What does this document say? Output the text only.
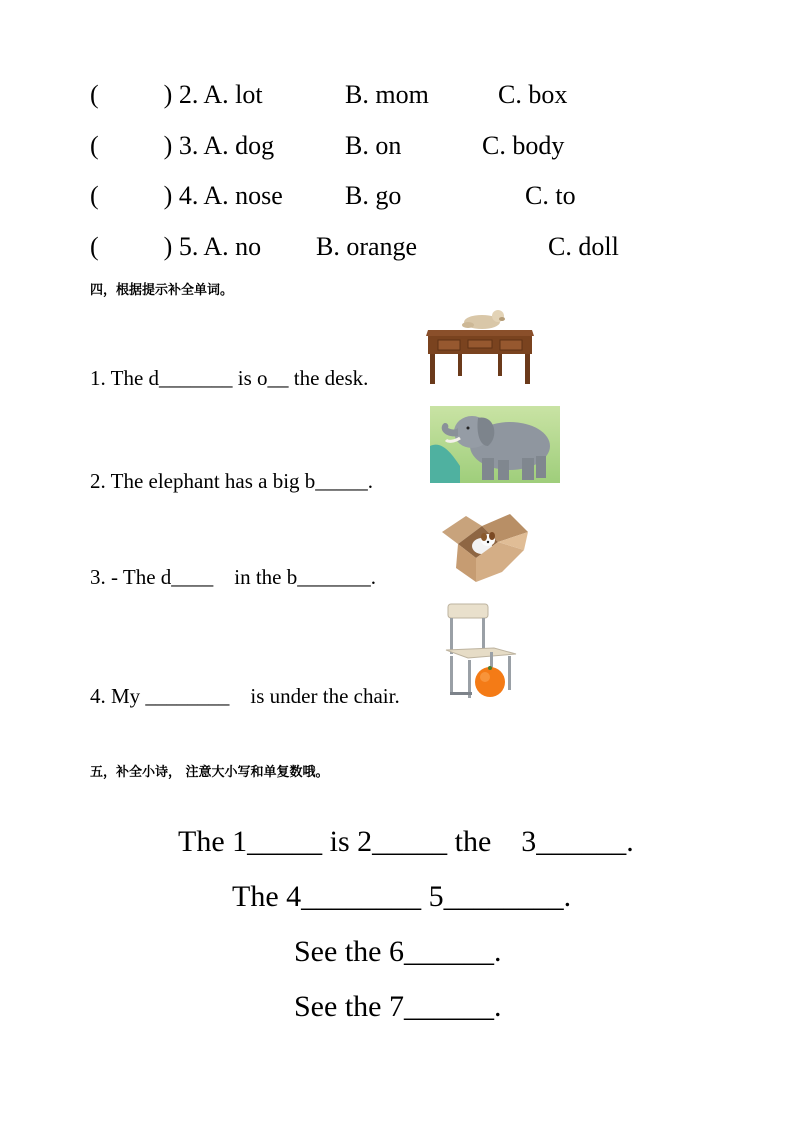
(          ) 2. A. lot	B. mom	C. box
(          ) 3. A. dog	B. on	C. body
(          ) 4. A. nose B. go	C. to
(          ) 5. A. no B. orange	C. doll
四，根据提示补全单词。
1. The d_______ is o__ the desk.
2. The elephant has a big b_____.
3. - The d____    in the b_______.
4. My ________    is under the chair.
五，补全小诗， 注意大小写和单复数哦。
The 1_____ is 2_____ the    3______.
The 4________ 5________.
See the 6______.
See the 7______.
